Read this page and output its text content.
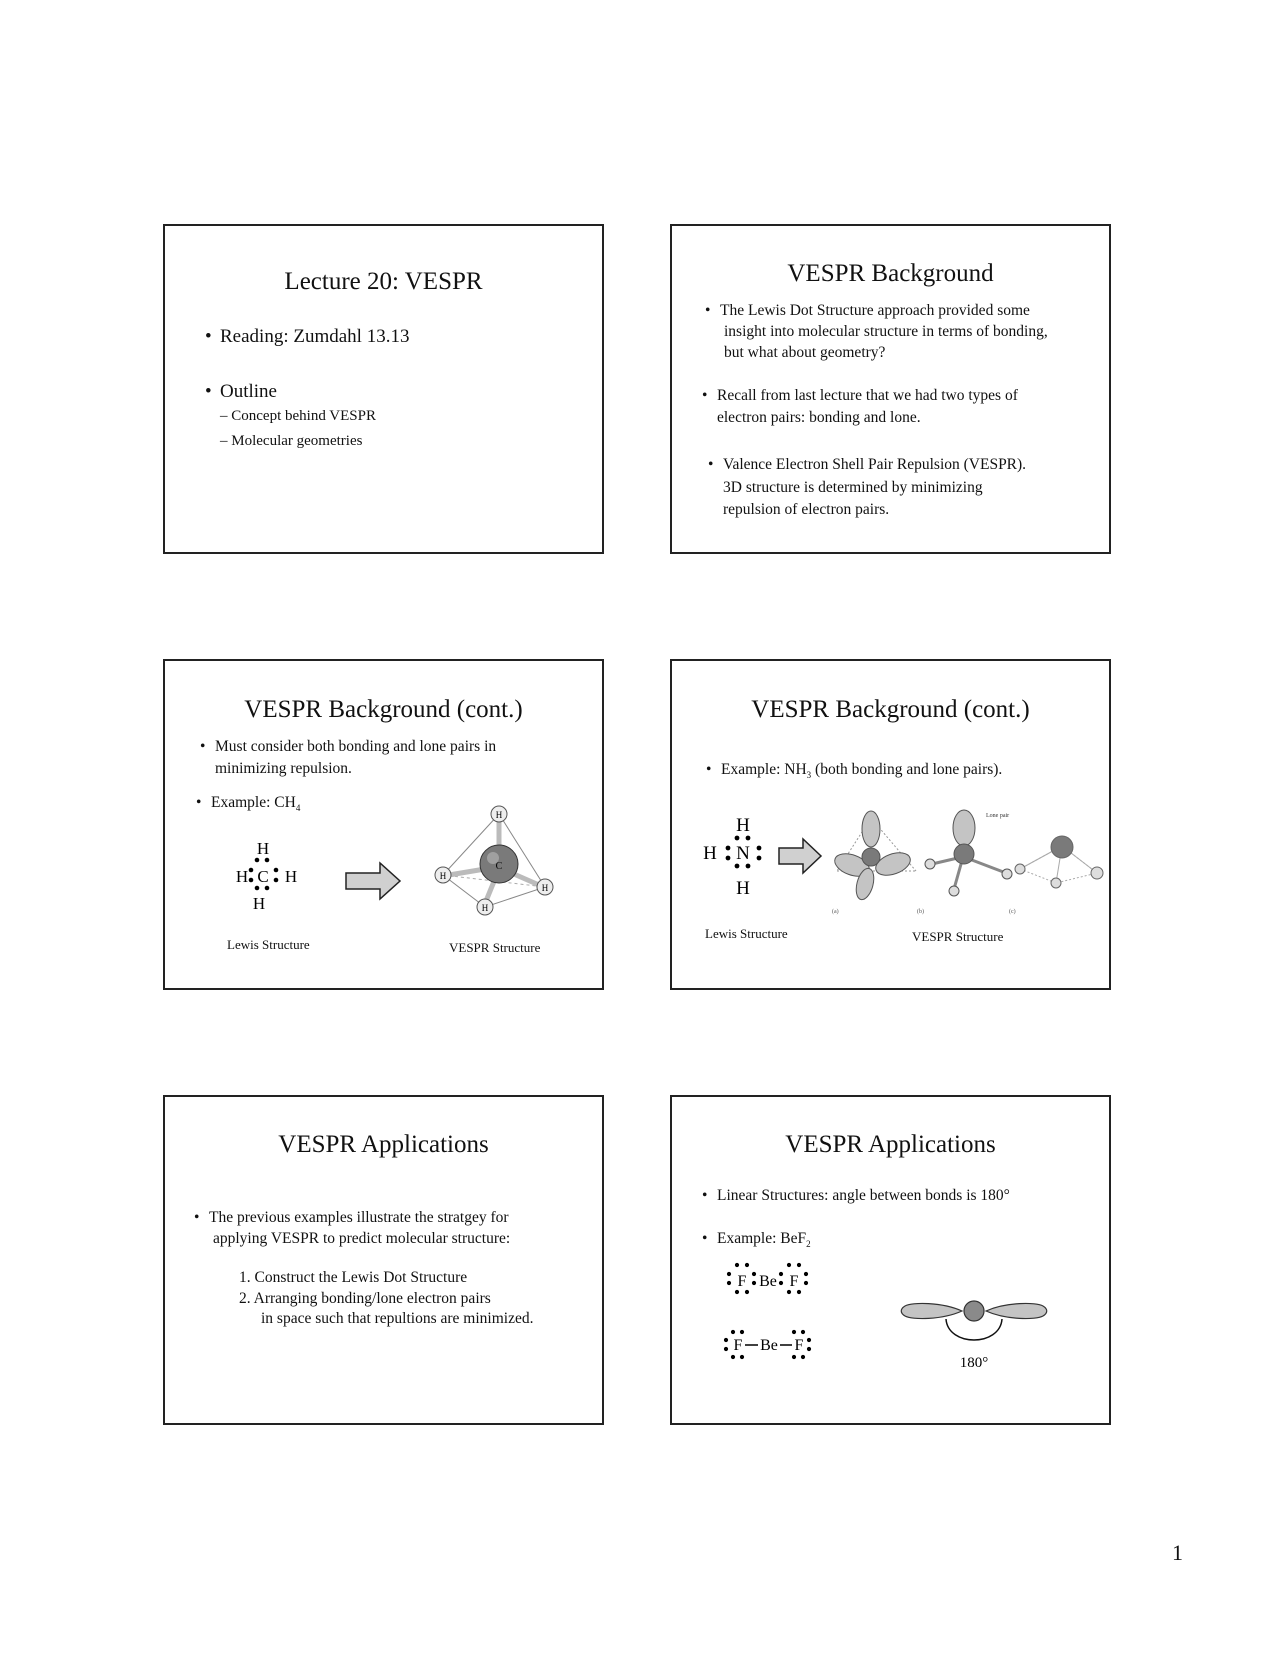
Lecture 20: VESPR
• Reading: Zumdahl 13.13
• Outline
– Concept behind VESPR
– Molecular geometries
VESPR Background
• The Lewis Dot Structure approach provided some
insight into molecular structure in terms of bonding,
but what about geometry?
• Recall from last lecture that we had two types of
electron pairs: bonding and lone.
• Valence Electron Shell Pair Repulsion (VESPR).
3D structure is determined by minimizing
repulsion of electron pairs.
VESPR Background (cont.)
• Must consider both bonding and lone pairs in
minimizing repulsion.
• Example: $CH_4$
H
H C H
H
C
H
H
H
H
Lewis Structure	VESPR Structure
VESPR Background (cont.)
• Example: $NH_3$ (both bonding and lone pairs).
H
H N
H
Lone pair
(a)	(b)	(c)
Lewis Structure	VESPR Structure
VESPR Applications
• The previous examples illustrate the stratgey for
applying VESPR to predict molecular structure:
1. Construct the Lewis Dot Structure
2. Arranging bonding/lone electron pairs
in space such that repultions are minimized.
VESPR Applications
• Linear Structures: angle between bonds is 180°
• Example: BeF$_2$
F Be F
F Be F
180°
1
